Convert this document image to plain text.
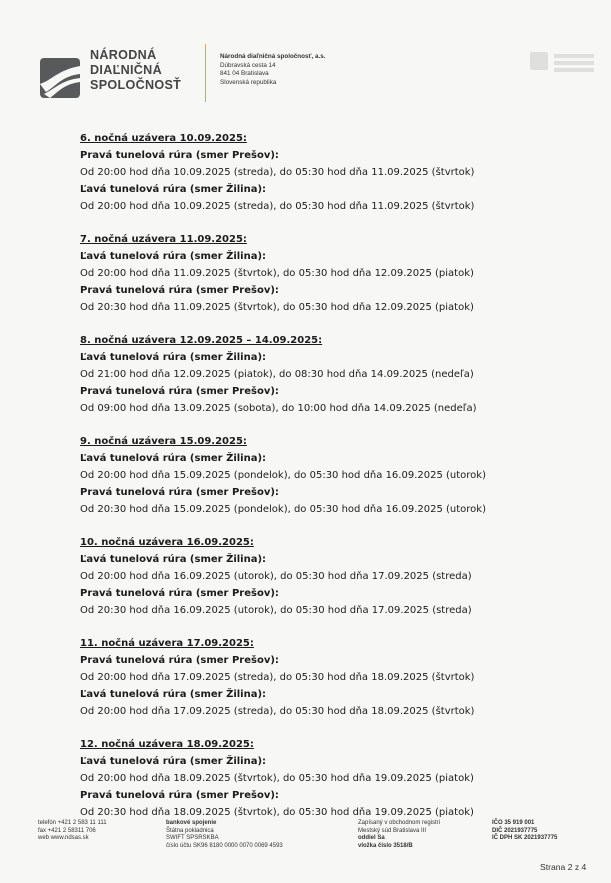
NÁRODNÁ
DIAĽNIČNÁ
SPOLOČNOSŤ
Národná diaľničná spoločnosť, a.s.
Dúbravská cesta 14
841 04 Bratislava
Slovenská republika
6. nočná uzávera 10.09.2025:
Pravá tunelová rúra (smer Prešov):
Od 20:00 hod dňa 10.09.2025 (streda), do 05:30 hod dňa 11.09.2025 (štvrtok)
Ľavá tunelová rúra (smer Žilina):
Od 20:00 hod dňa 10.09.2025 (streda), do 05:30 hod dňa 11.09.2025 (štvrtok)
7. nočná uzávera 11.09.2025:
Ľavá tunelová rúra (smer Žilina):
Od 20:00 hod dňa 11.09.2025 (štvrtok), do 05:30 hod dňa 12.09.2025 (piatok)
Pravá tunelová rúra (smer Prešov):
Od 20:30 hod dňa 11.09.2025 (štvrtok), do 05:30 hod dňa 12.09.2025 (piatok)
8. nočná uzávera 12.09.2025 – 14.09.2025:
Ľavá tunelová rúra (smer Žilina):
Od 21:00 hod dňa 12.09.2025 (piatok), do 08:30 hod dňa 14.09.2025 (nedeľa)
Pravá tunelová rúra (smer Prešov):
Od 09:00 hod dňa 13.09.2025 (sobota), do 10:00 hod dňa 14.09.2025 (nedeľa)
9. nočná uzávera 15.09.2025:
Ľavá tunelová rúra (smer Žilina):
Od 20:00 hod dňa 15.09.2025 (pondelok), do 05:30 hod dňa 16.09.2025 (utorok)
Pravá tunelová rúra (smer Prešov):
Od 20:30 hod dňa 15.09.2025 (pondelok), do 05:30 hod dňa 16.09.2025 (utorok)
10. nočná uzávera 16.09.2025:
Ľavá tunelová rúra (smer Žilina):
Od 20:00 hod dňa 16.09.2025 (utorok), do 05:30 hod dňa 17.09.2025 (streda)
Pravá tunelová rúra (smer Prešov):
Od 20:30 hod dňa 16.09.2025 (utorok), do 05:30 hod dňa 17.09.2025 (streda)
11. nočná uzávera 17.09.2025:
Pravá tunelová rúra (smer Prešov):
Od 20:00 hod dňa 17.09.2025 (streda), do 05:30 hod dňa 18.09.2025 (štvrtok)
Ľavá tunelová rúra (smer Žilina):
Od 20:00 hod dňa 17.09.2025 (streda), do 05:30 hod dňa 18.09.2025 (štvrtok)
12. nočná uzávera 18.09.2025:
Ľavá tunelová rúra (smer Žilina):
Od 20:00 hod dňa 18.09.2025 (štvrtok), do 05:30 hod dňa 19.09.2025 (piatok)
Pravá tunelová rúra (smer Prešov):
Od 20:30 hod dňa 18.09.2025 (štvrtok), do 05:30 hod dňa 19.09.2025 (piatok)
telefón +421 2 583 11 111
fax +421 2 58311 706
web www.ndsas.sk
bankové spojenie
Štátna pokladnica
SWIFT SPSRSKBA
číslo účtu SK96 8180 0000 0070 0069 4593
Zapísaný v obchodnom registri
Mestský súd Bratislava III
oddiel Sa
vložka číslo 3518/B
IČO 35 919 001
DIČ 2021937775
IČ DPH SK 2021937775
Strana 2 z 4
